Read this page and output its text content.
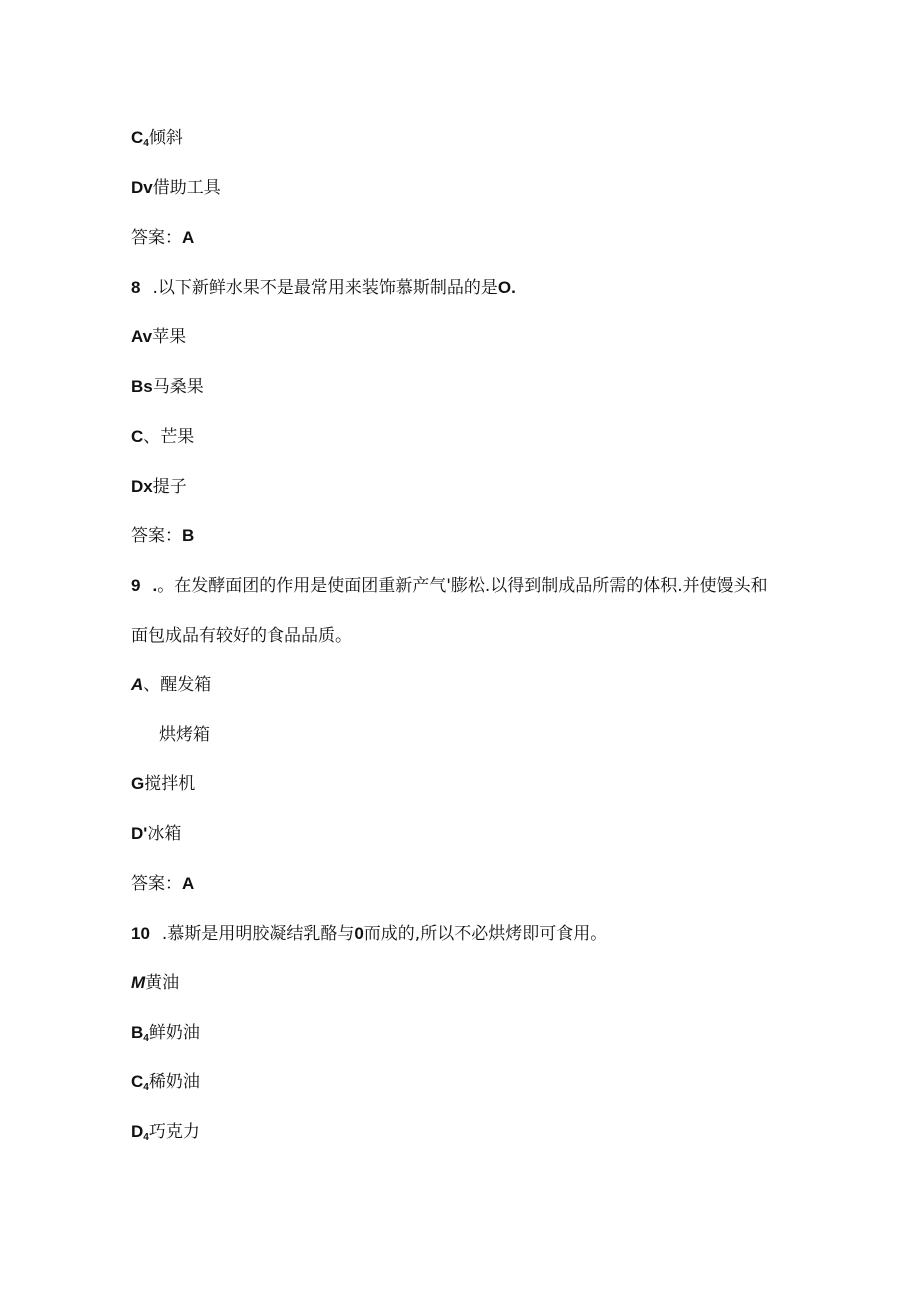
$C_4$倾斜
Dv借助工具
答案：A
8 .以下新鲜水果不是最常用来装饰慕斯制品的是O.
Av苹果
Bs马桑果
C、芒果
Dx提子
答案：B
9 .。在发酵面团的作用是使面团重新产气'膨松.以得到制成品所需的体积.并使馒头和
面包成品有较好的食品品质。
A、醒发箱
烘烤箱
G搅拌机
D'冰箱
答案：A
10 .慕斯是用明胶凝结乳酪与0而成的,所以不必烘烤即可食用。
M黄油
$B_4$鲜奶油
$C_4$稀奶油
$D_4$巧克力
